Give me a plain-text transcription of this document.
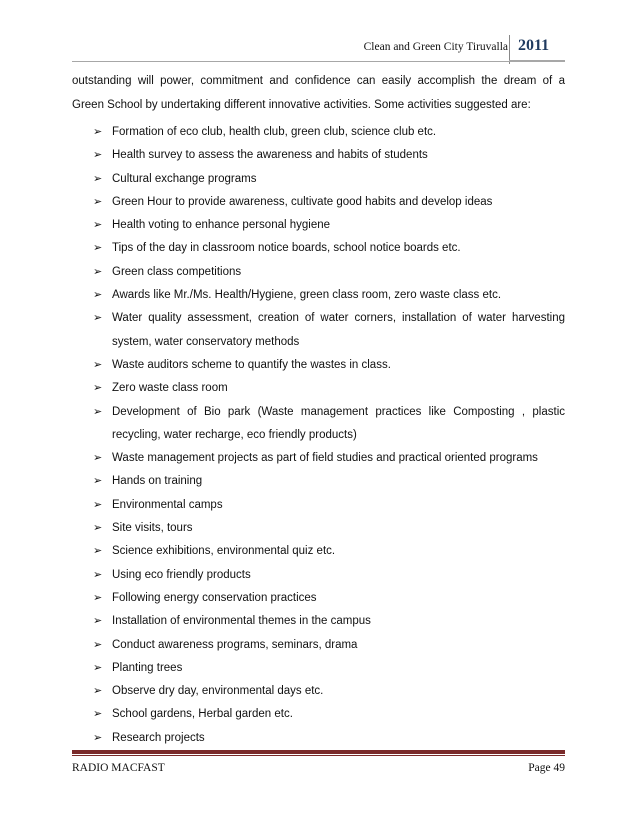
Clean and Green City Tiruvalla 2011
outstanding will power, commitment and confidence can easily accomplish the dream of a
Green School by undertaking different innovative activities. Some activities suggested are:
➢ Formation of eco club, health club, green club, science club etc.
➢ Health survey to assess the awareness and habits of students
➢ Cultural exchange programs
➢ Green Hour to provide awareness, cultivate good habits and develop ideas
➢ Health voting to enhance personal hygiene
➢ Tips of the day in classroom notice boards, school notice boards etc.
➢ Green class competitions
➢ Awards like Mr./Ms. Health/Hygiene, green class room, zero waste class etc.
➢ Water quality assessment, creation of water corners, installation of water harvesting
system, water conservatory methods
➢ Waste auditors scheme to quantify the wastes in class.
➢ Zero waste class room
➢ Development of Bio park (Waste management practices like Composting , plastic
recycling, water recharge, eco friendly products)
➢ Waste management projects as part of field studies and practical oriented programs
➢ Hands on training
➢ Environmental camps
➢ Site visits, tours
➢ Science exhibitions, environmental quiz etc.
➢ Using eco friendly products
➢ Following energy conservation practices
➢ Installation of environmental themes in the campus
➢ Conduct awareness programs, seminars, drama
➢ Planting trees
➢ Observe dry day, environmental days etc.
➢ School gardens, Herbal garden etc.
➢ Research projects
RADIO MACFAST	Page 49
